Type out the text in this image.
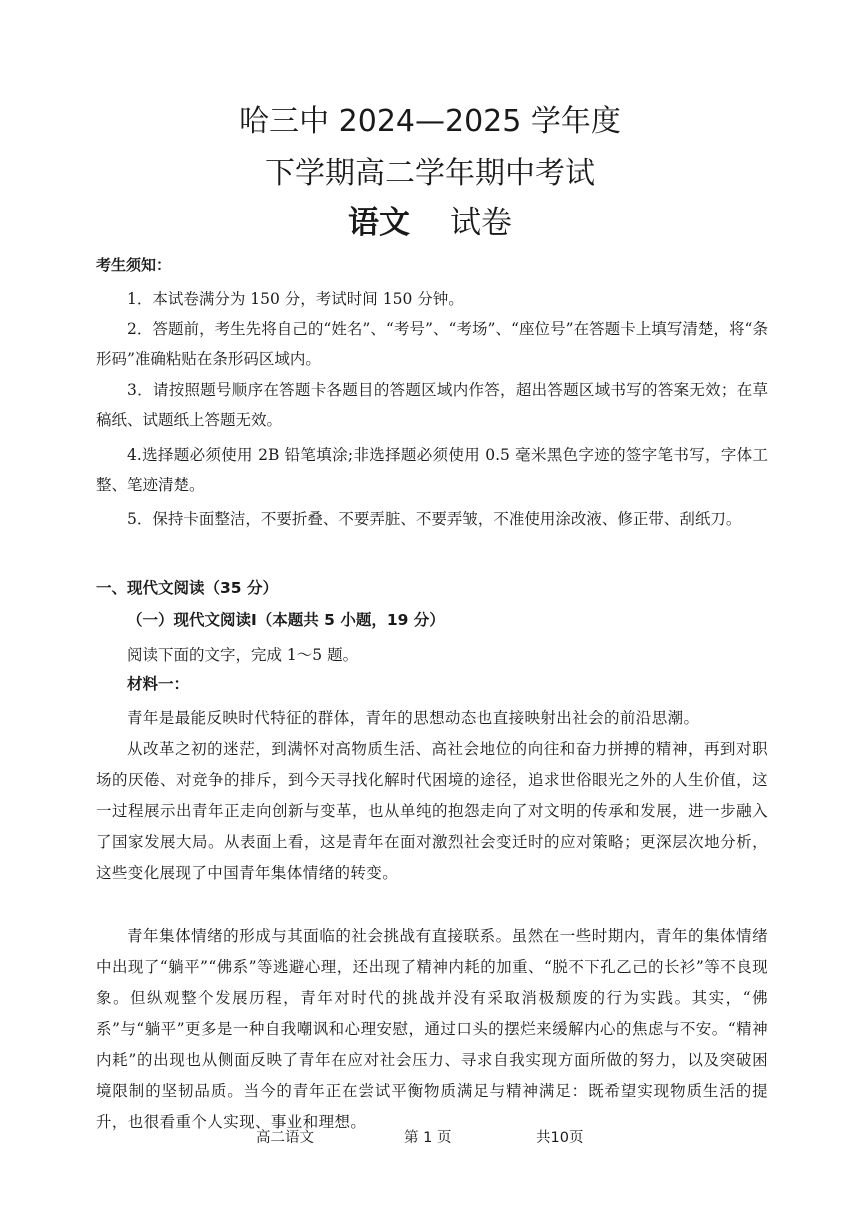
哈三中 2024—2025 学年度
下学期高二学年期中考试
语文 试卷
考生须知：

1．本试卷满分为 150 分，考试时间 150 分钟。

2．答题前，考生先将自己的“姓名”、“考号”、“考场”、“座位号”在答题卡上填写清楚，将“条形码”准确粘贴在条形码区域内。

3．请按照题号顺序在答题卡各题目的答题区域内作答，超出答题区域书写的答案无效；在草稿纸、试题纸上答题无效。

4.选择题必须使用 2B 铅笔填涂;非选择题必须使用 0.5 毫米黑色字迹的签字笔书写，字体工整、笔迹清楚。

5．保持卡面整洁，不要折叠、不要弄脏、不要弄皱，不准使用涂改液、修正带、刮纸刀。

一、现代文阅读（35 分）
（一）现代文阅读Ⅰ（本题共 5 小题，19 分）

阅读下面的文字，完成 1～5 题。

材料一：

青年是最能反映时代特征的群体，青年的思想动态也直接映射出社会的前沿思潮。

从改革之初的迷茫，到满怀对高物质生活、高社会地位的向往和奋力拼搏的精神，再到对职场的厌倦、对竞争的排斥，到今天寻找化解时代困境的途径，追求世俗眼光之外的人生价值，这一过程展示出青年正走向创新与变革，也从单纯的抱怨走向了对文明的传承和发展，进一步融入了国家发展大局。从表面上看，这是青年在面对激烈社会变迁时的应对策略；更深层次地分析，这些变化展现了中国青年集体情绪的转变。

青年集体情绪的形成与其面临的社会挑战有直接联系。虽然在一些时期内，青年的集体情绪中出现了“躺平”“佛系”等逃避心理，还出现了精神内耗的加重、“脱不下孔乙己的长衫”等不良现象。但纵观整个发展历程，青年对时代的挑战并没有采取消极颓废的行为实践。其实，“佛系”与“躺平”更多是一种自我嘲讽和心理安慰，通过口头的摆烂来缓解内心的焦虑与不安。“精神内耗”的出现也从侧面反映了青年在应对社会压力、寻求自我实现方面所做的努力，以及突破困境限制的坚韧品质。当今的青年正在尝试平衡物质满足与精神满足：既希望实现物质生活的提升，也很看重个人实现、事业和理想。

高二语文	第 1 页	共10页
